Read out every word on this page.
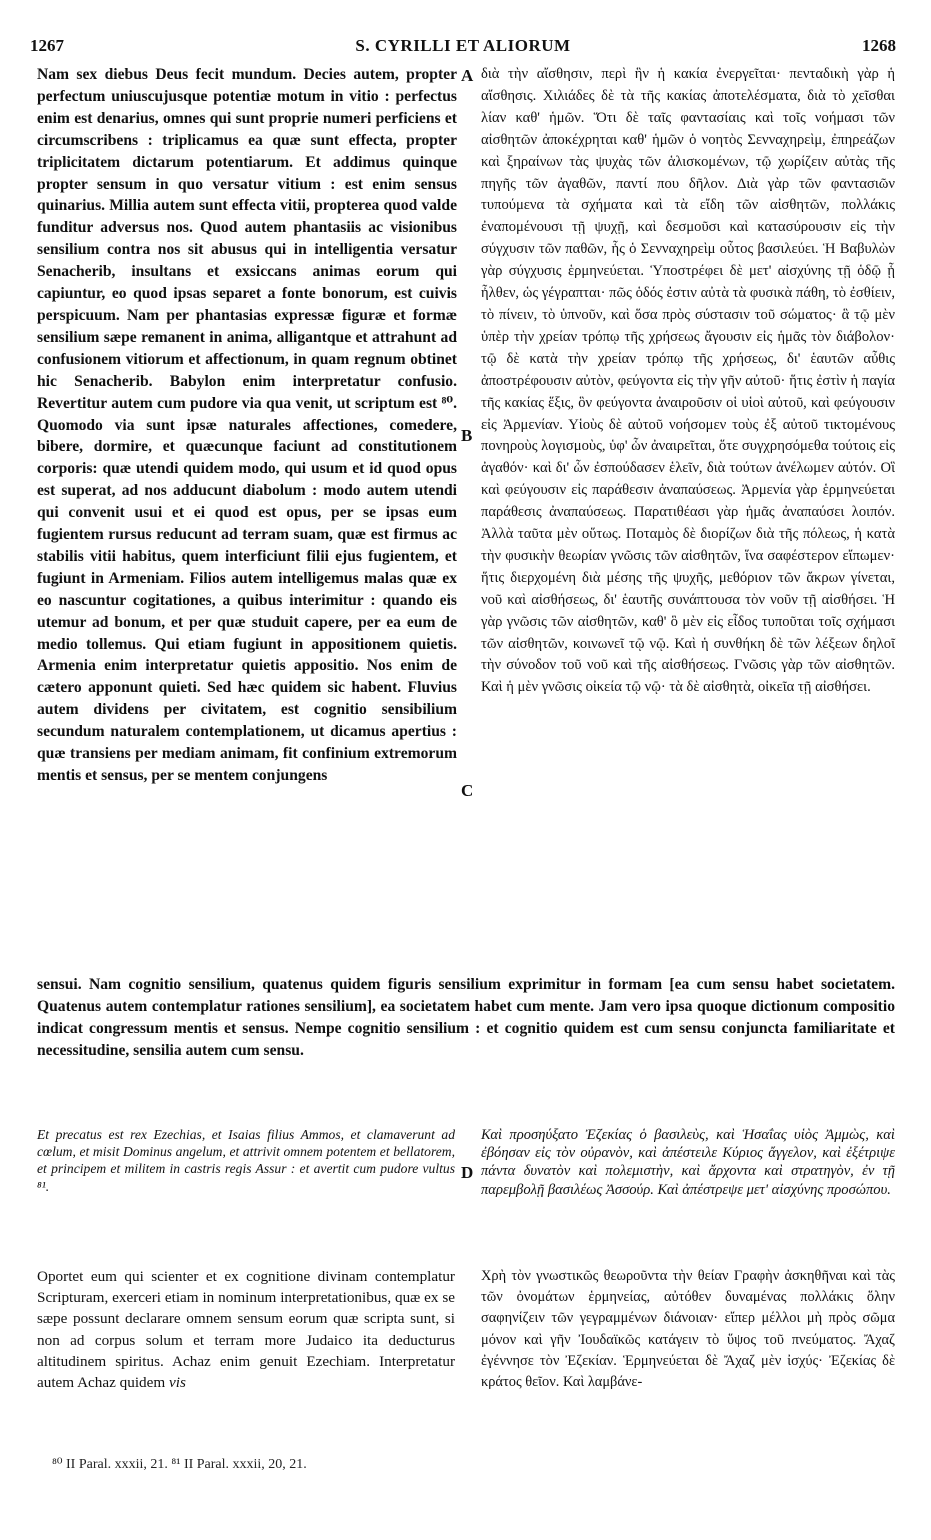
1267	S. CYRILLI ET ALIORUM	1268

Nam sex diebus Deus fecit mundum. Decies autem, propter perfectum uniuscujusque potentiæ motum in vitio : perfectus enim est denarius, omnes qui sunt proprie numeri perficiens et circumscribens : triplicamus ea quæ sunt effecta, propter triplicitatem dictarum potentiarum. Et addimus quinque propter sensum in quo versatur vitium : est enim sensus quinarius. Millia autem sunt effecta vitii, propterea quod valde funditur adversus nos. Quod autem phantasiis ac visionibus sensilium contra nos sit abusus qui in intelligentia versatur Senacherib, insultans et exsiccans animas eorum qui capiuntur, eo quod ipsas separet a fonte bonorum, est cuivis perspicuum. Nam per phantasias expressæ figuræ et formæ sensilium sæpe remanent in anima, alligantque et attrahunt ad confusionem vitiorum et affectionum, in quam regnum obtinet hic Senacherib. Babylon enim interpretatur confusio. Revertitur autem cum pudore via qua venit, ut scriptum est ⁸⁰. Quomodo via sunt ipsæ naturales affectiones, comedere, bibere, dormire, et quæcunque faciunt ad constitutionem corporis: quæ utendi quidem modo, qui usum et id quod opus est superat, ad nos adducunt diabolum : modo autem utendi qui convenit usui et ei quod est opus, per se ipsas eum fugientem rursus reducunt ad terram suam, quæ est firmus ac stabilis vitii habitus, quem interficiunt filii ejus fugientem, et fugiunt in Armeniam. Filios autem intelligemus malas quæ ex eo nascuntur cogitationes, a quibus interimitur : quando eis utemur ad bonum, et per quæ studuit capere, per ea eum de medio tollemus. Qui etiam fugiunt in appositionem quietis. Armenia enim interpretatur quietis appositio. Nos enim de cætero apponunt quieti. Sed hæc quidem sic habent. Fluvius autem dividens per civitatem, est cognitio sensibilium secundum naturalem contemplationem, ut dicamus apertius : quæ transiens per mediam animam, fit confinium extremorum mentis et sensus, per se mentem conjungens

διὰ τὴν αἴσθησιν, περὶ ἣν ἡ κακία ἐνεργεῖται· πενταδικὴ γὰρ ἡ αἴσθησις. Χιλιάδες δὲ τὰ τῆς κακίας ἀποτελέσματα, διὰ τὸ χεῖσθαι λίαν καθ' ἡμῶν. Ὅτι δὲ ταῖς φαντασίαις καὶ τοῖς νοήμασι τῶν αἰσθητῶν ἀποκέχρηται καθ' ἡμῶν ὁ νοητὸς Σενναχηρεὶμ, ἐπηρεάζων καὶ ξηραίνων τὰς ψυχὰς τῶν ἁλισκομένων, τῷ χωρίζειν αὐτὰς τῆς πηγῆς τῶν ἀγαθῶν, παντί που δῆλον. Διὰ γὰρ τῶν φαντασιῶν τυπούμενα τὰ σχήματα καὶ τὰ εἴδη τῶν αἰσθητῶν, πολλάκις ἐναπομένουσι τῇ ψυχῇ, καὶ δεσμοῦσι καὶ κατασύρουσιν εἰς τὴν σύγχυσιν τῶν παθῶν, ἧς ὁ Σενναχηρεὶμ οὗτος βασιλεύει. Ἡ Βαβυλὼν γὰρ σύγχυσις ἑρμηνεύεται. Ὑποστρέφει δὲ μετ' αἰσχύνης τῇ ὁδῷ ᾗ ἦλθεν, ὡς γέγραπται· πῶς ὁδός ἐστιν αὐτὰ τὰ φυσικὰ πάθη, τὸ ἐσθίειν, τὸ πίνειν, τὸ ὑπνοῦν, καὶ ὅσα πρὸς σύστασιν τοῦ σώματος· ἃ τῷ μὲν ὑπὲρ τὴν χρείαν τρόπῳ τῆς χρήσεως ἄγουσιν εἰς ἡμᾶς τὸν διάβολον· τῷ δὲ κατὰ τὴν χρείαν τρόπῳ τῆς χρήσεως, δι' ἑαυτῶν αὖθις ἀποστρέφουσιν αὐτὸν, φεύγοντα εἰς τὴν γῆν αὐτοῦ· ἥτις ἐστὶν ἡ παγία τῆς κακίας ἕξις, ὃν φεύγοντα ἀναιροῦσιν οἱ υἱοὶ αὐτοῦ, καὶ φεύγουσιν εἰς Ἀρμενίαν. Υἱοὺς δὲ αὐτοῦ νοήσομεν τοὺς ἐξ αὐτοῦ τικτομένους πονηροὺς λογισμοὺς, ὑφ' ὧν ἀναιρεῖται, ὅτε συγχρησόμεθα τούτοις εἰς ἀγαθόν· καὶ δι' ὧν ἐσπούδασεν ἑλεῖν, διὰ τούτων ἀνέλωμεν αὐτόν. Οἳ καὶ φεύγουσιν εἰς παράθεσιν ἀναπαύσεως. Ἀρμενία γὰρ ἑρμηνεύεται παράθεσις ἀναπαύσεως. Παρατιθέασι γὰρ ἡμᾶς ἀναπαύσει λοιπόν. Ἀλλὰ ταῦτα μὲν οὕτως. Ποταμὸς δὲ διορίζων διὰ τῆς πόλεως, ἡ κατὰ τὴν φυσικὴν θεωρίαν γνῶσις τῶν αἰσθητῶν, ἵνα σαφέστερον εἴπωμεν· ἥτις διερχομένη διὰ μέσης τῆς ψυχῆς, μεθόριον τῶν ἄκρων γίνεται, νοῦ καὶ αἰσθήσεως, δι' ἑαυτῆς συνάπτουσα τὸν νοῦν τῇ αἰσθήσει. Ἡ γὰρ γνῶσις τῶν αἰσθητῶν, καθ' ὃ μὲν εἰς εἶδος τυποῦται τοῖς σχήμασι τῶν αἰσθητῶν, κοινωνεῖ τῷ νῷ. Καὶ ἡ συνθήκη δὲ τῶν λέξεων δηλοῖ τὴν σύνοδον τοῦ νοῦ καὶ τῆς αἰσθήσεως. Γνῶσις γὰρ τῶν αἰσθητῶν. Καὶ ἡ μὲν γνῶσις οἰκεία τῷ νῷ· τὰ δὲ αἰσθητὰ, οἰκεῖα τῇ αἰσθήσει.

A
B
C
D

sensui. Nam cognitio sensilium, quatenus quidem figuris sensilium exprimitur in formam [ea cum sensu habet societatem. Quatenus autem contemplatur rationes sensilium], ea societatem habet cum mente. Jam vero ipsa quoque dictionum compositio indicat congressum mentis et sensus. Nempe cognitio sensilium : et cognitio quidem est cum sensu conjuncta familiaritate et necessitudine, sensilia autem cum sensu.

Et precatus est rex Ezechias, et Isaias filius Ammos, et clamaverunt ad cœlum, et misit Dominus angelum, et attrivit omnem potentem et bellatorem, et principem et militem in castris regis Assur : et avertit cum pudore vultus ⁸¹.

Καὶ προσηύξατο Ἐζεκίας ὁ βασιλεὺς, καὶ Ἡσαΐας υἱὸς Ἀμμὼς, καὶ ἐβόησαν εἰς τὸν οὐρανὸν, καὶ ἀπέστειλε Κύριος ἄγγελον, καὶ ἐξέτριψε πάντα δυνατὸν καὶ πολεμιστὴν, καὶ ἄρχοντα καὶ στρατηγὸν, ἐν τῇ παρεμβολῇ βασιλέως Ἀσσούρ. Καὶ ἀπέστρεψε μετ' αἰσχύνης προσώπου.

Oportet eum qui scienter et ex cognitione divinam contemplatur Scripturam, exerceri etiam in nominum interpretationibus, quæ ex se sæpe possunt declarare omnem sensum eorum quæ scripta sunt, si non ad corpus solum et terram more Judaico ita deducturus altitudinem spiritus. Achaz enim genuit Ezechiam. Interpretatur autem Achaz quidem vis

Χρὴ τὸν γνωστικῶς θεωροῦντα τὴν θείαν Γραφὴν ἀσκηθῆναι καὶ τὰς τῶν ὀνομάτων ἑρμηνείας, αὐτόθεν δυναμένας πολλάκις ὅλην σαφηνίζειν τῶν γεγραμμένων διάνοιαν· εἴπερ μέλλοι μὴ πρὸς σῶμα μόνον καὶ γῆν Ἰουδαϊκῶς κατάγειν τὸ ὕψος τοῦ πνεύματος. Ἄχαζ ἐγέννησε τὸν Ἐζεκίαν. Ἑρμηνεύεται δὲ Ἄχαζ μὲν ἰσχύς· Ἐζεκίας δὲ κράτος θεῖον. Καὶ λαμβάνε-

⁸⁰ II Paral. xxxii, 21. ⁸¹ II Paral. xxxii, 20, 21.
